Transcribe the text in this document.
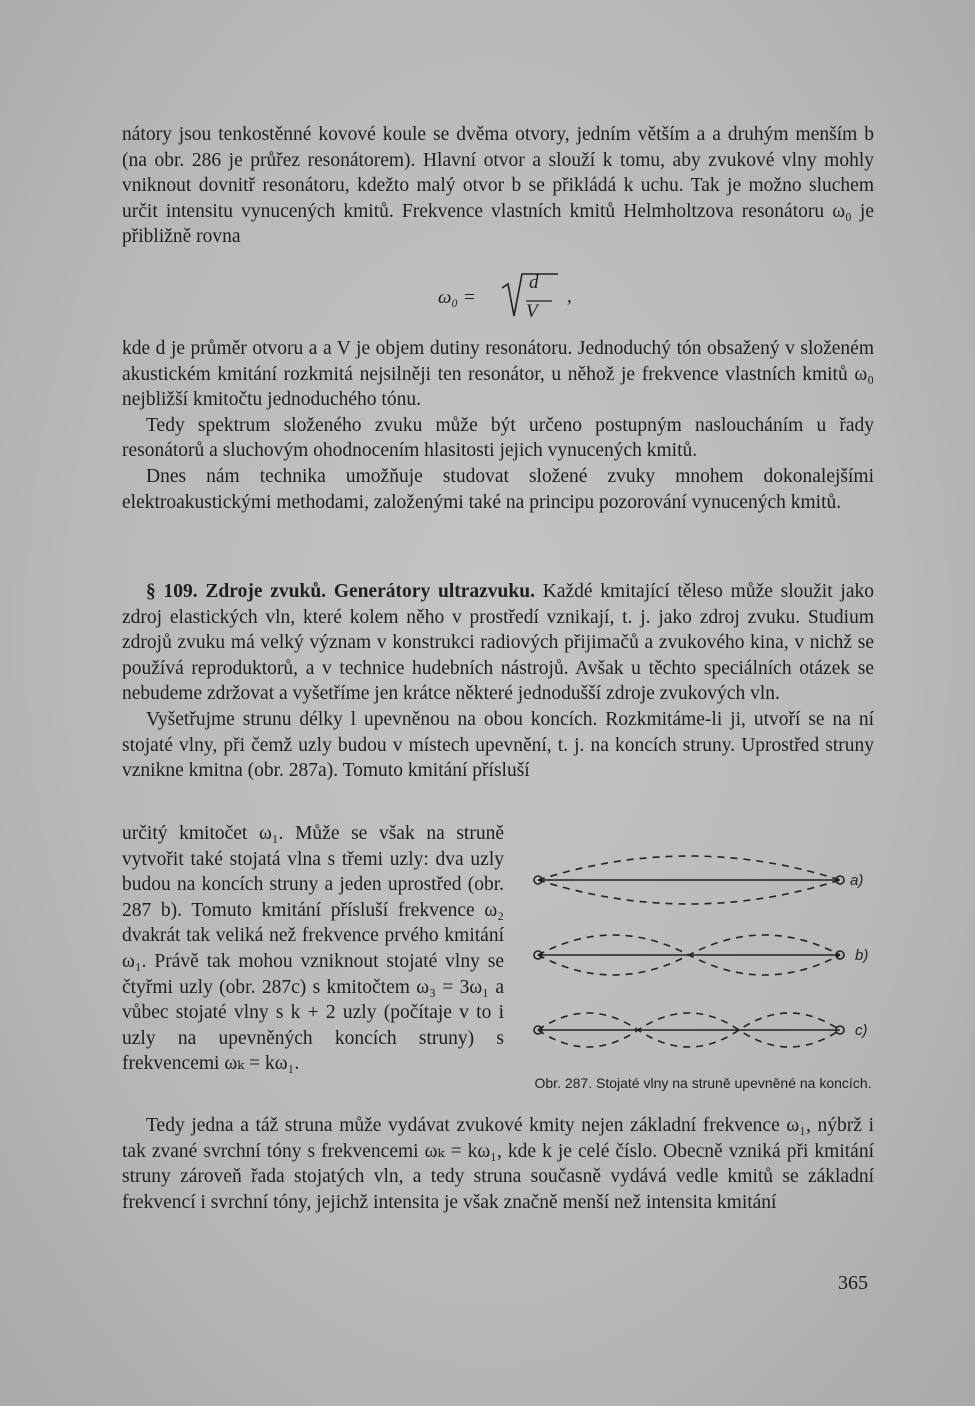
nátory jsou tenkostěnné kovové koule se dvěma otvory, jedním větším a a druhým menším b (na obr. 286 je průřez resonátorem). Hlavní otvor a slouží k tomu, aby zvukové vlny mohly vniknout dovnitř resonátoru, kdežto malý otvor b se přikládá k uchu. Tak je možno sluchem určit intensitu vynucených kmitů. Frekvence vlastních kmitů Helmholtzova resonátoru ω₀ je přibližně rovna

ω₀ =
d
V
,

kde d je průměr otvoru a a V je objem dutiny resonátoru. Jednoduchý tón obsažený v složeném akustickém kmitání rozkmitá nejsilněji ten resonátor, u něhož je frekvence vlastních kmitů ω₀ nejbližší kmitočtu jednoduchého tónu.

Tedy spektrum složeného zvuku může být určeno postupným nasloucháním u řady resonátorů a sluchovým ohodnocením hlasitosti jejich vynucených kmitů.

Dnes nám technika umožňuje studovat složené zvuky mnohem dokonalejšími elektroakustickými methodami, založenými také na principu pozorování vynucených kmitů.

§ 109. Zdroje zvuků. Generátory ultrazvuku. Každé kmitající těleso může sloužit jako zdroj elastických vln, které kolem něho v prostředí vznikají, t. j. jako zdroj zvuku. Studium zdrojů zvuku má velký význam v konstrukci radiových přijimačů a zvukového kina, v nichž se používá reproduktorů, a v technice hudebních nástrojů. Avšak u těchto speciálních otázek se nebudeme zdržovat a vyšetříme jen krátce některé jednodušší zdroje zvukových vln.

Vyšetřujme strunu délky l upevněnou na obou koncích. Rozkmitáme-li ji, utvoří se na ní stojaté vlny, při čemž uzly budou v místech upevnění, t. j. na koncích struny. Uprostřed struny vznikne kmitna (obr. 287a). Tomuto kmitání přísluší

určitý kmitočet ω₁. Může se však na struně vytvořit také stojatá vlna s třemi uzly: dva uzly budou na koncích struny a jeden uprostřed (obr. 287 b). Tomuto kmitání přísluší frekvence ω₂ dvakrát tak veliká než frekvence prvého kmitání ω₁. Právě tak mohou vzniknout stojaté vlny se čtyřmi uzly (obr. 287c) s kmitočtem ω₃ = 3ω₁ a vůbec stojaté vlny s k + 2 uzly (počítaje v to i uzly na upevněných koncích struny) s frekvencemi ωₖ = kω₁.

a)
b)
c)
Obr. 287. Stojaté vlny na struně upevněné na koncích.

Tedy jedna a táž struna může vydávat zvukové kmity nejen základní frekvence ω₁, nýbrž i tak zvané svrchní tóny s frekvencemi ωₖ = kω₁, kde k je celé číslo. Obecně vzniká při kmitání struny zároveň řada stojatých vln, a tedy struna současně vydává vedle kmitů se základní frekvencí i svrchní tóny, jejichž intensita je však značně menší než intensita kmitání

365
